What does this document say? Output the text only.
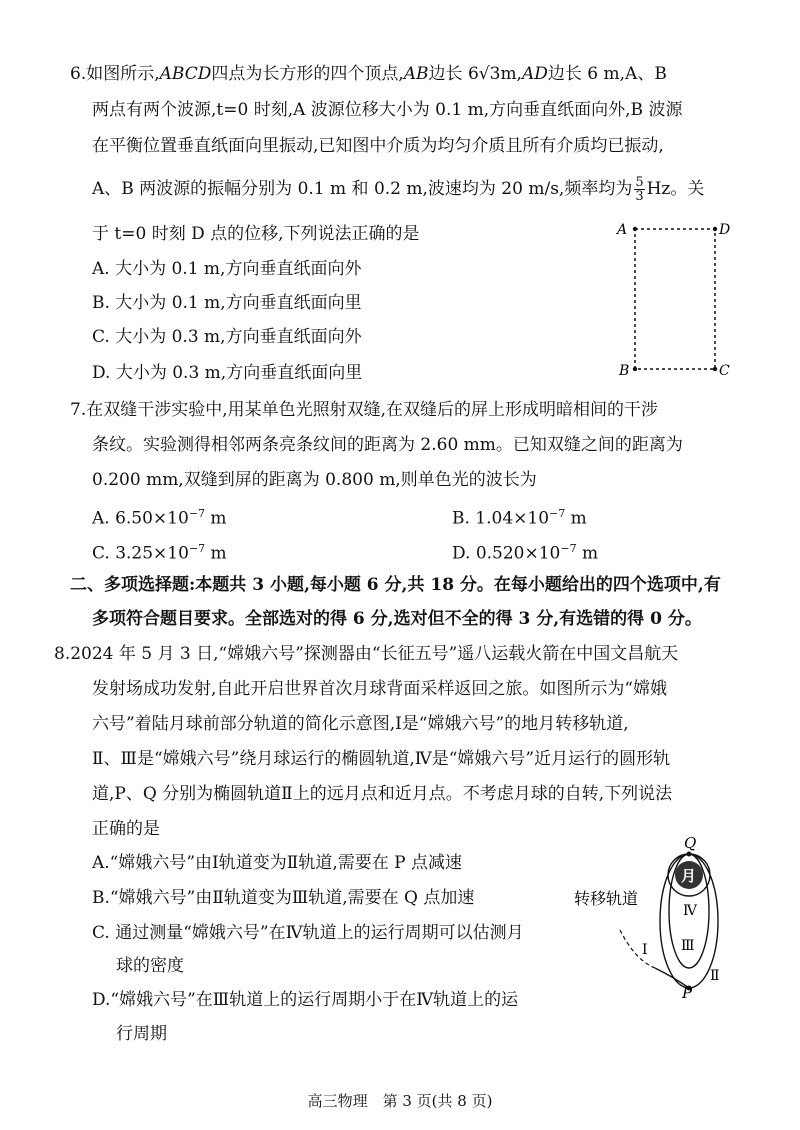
6.如图所示,ABCD四点为长方形的四个顶点,AB边长 6√3m,AD边长 6 m,A、B
两点有两个波源,t=0 时刻,A 波源位移大小为 0.1 m,方向垂直纸面向外,B 波源
在平衡位置垂直纸面向里振动,已知图中介质为均匀介质且所有介质均已振动,
A、B 两波源的振幅分别为 0.1 m 和 0.2 m,波速均为 20 m/s,频率均为 $\frac{5}{3}$ Hz。关
于 t=0 时刻 D 点的位移,下列说法正确的是
A. 大小为 0.1 m,方向垂直纸面向外
B. 大小为 0.1 m,方向垂直纸面向里
C. 大小为 0.3 m,方向垂直纸面向外
D. 大小为 0.3 m,方向垂直纸面向里
A	D
B	C
7.在双缝干涉实验中,用某单色光照射双缝,在双缝后的屏上形成明暗相间的干涉
条纹。实验测得相邻两条亮条纹间的距离为 2.60 mm。已知双缝之间的距离为
0.200 mm,双缝到屏的距离为 0.800 m,则单色光的波长为
A. $6.50\times 10^{-7}$ m	B. $1.04\times 10^{-7}$ m
C. $3.25\times 10^{-7}$ m	D. $0.520\times 10^{-7}$ m
二、多项选择题:本题共 3 小题,每小题 6 分,共 18 分。在每小题给出的四个选项中,有
多项符合题目要求。全部选对的得 6 分,选对但不全的得 3 分,有选错的得 0 分。
8.2024 年 5 月 3 日,“嫦娥六号”探测器由“长征五号”遥八运载火箭在中国文昌航天
发射场成功发射,自此开启世界首次月球背面采样返回之旅。如图所示为“嫦娥
六号”着陆月球前部分轨道的简化示意图,Ⅰ是“嫦娥六号”的地月转移轨道,
Ⅱ、Ⅲ是“嫦娥六号”绕月球运行的椭圆轨道,Ⅳ是“嫦娥六号”近月运行的圆形轨
道,P、Q 分别为椭圆轨道Ⅱ上的远月点和近月点。不考虑月球的自转,下列说法
正确的是
A.“嫦娥六号”由Ⅰ轨道变为Ⅱ轨道,需要在 P 点减速
B.“嫦娥六号”由Ⅱ轨道变为Ⅲ轨道,需要在 Q 点加速
C. 通过测量“嫦娥六号”在Ⅳ轨道上的运行周期可以估测月
球的密度
D.“嫦娥六号”在Ⅲ轨道上的运行周期小于在Ⅳ轨道上的运
行周期
月
Q
P
Ⅳ
Ⅲ
Ⅱ
Ⅰ
转移轨道
高三物理　第 3 页(共 8 页)
